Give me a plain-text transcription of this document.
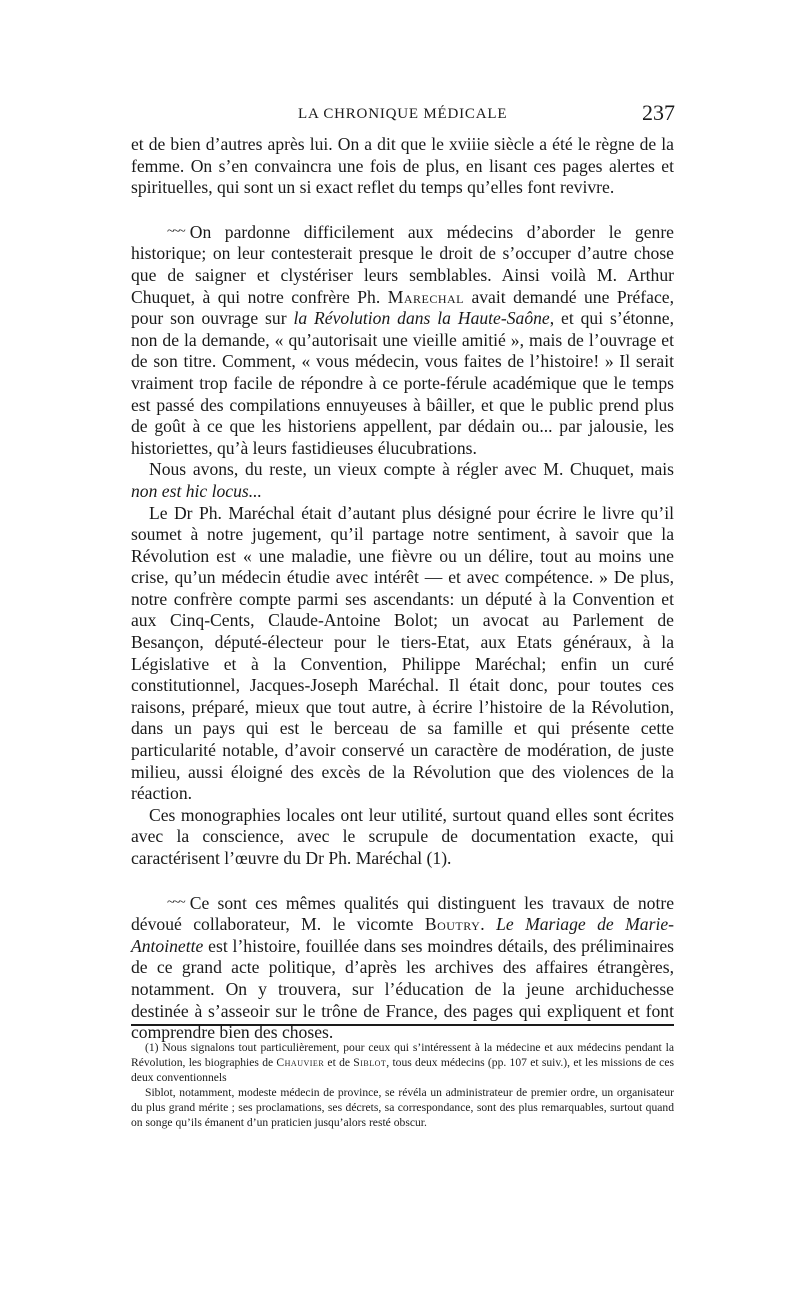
LA CHRONIQUE MÉDICALE	237

et de bien d’autres après lui. On a dit que le xviiie siècle a été le règne de la femme. On s’en convaincra une fois de plus, en lisant ces pages alertes et spirituelles, qui sont un si exact reflet du temps qu’elles font revivre.

~~~ On pardonne difficilement aux médecins d’aborder le genre historique; on leur contesterait presque le droit de s’occuper d’autre chose que de saigner et clystériser leurs semblables. Ainsi voilà M. Arthur Chuquet, à qui notre confrère Ph. Marechal avait demandé une Préface, pour son ouvrage sur la Révolution dans la Haute-Saône, et qui s’étonne, non de la demande, « qu’autorisait une vieille amitié », mais de l’ouvrage et de son titre. Comment, « vous médecin, vous faites de l’histoire! » Il serait vraiment trop facile de répondre à ce porte-férule académique que le temps est passé des compilations ennuyeuses à bâiller, et que le public prend plus de goût à ce que les historiens appellent, par dédain ou... par jalousie, les historiettes, qu’à leurs fastidieuses élucubrations.

Nous avons, du reste, un vieux compte à régler avec M. Chuquet, mais non est hic locus...

Le Dr Ph. Maréchal était d’autant plus désigné pour écrire le livre qu’il soumet à notre jugement, qu’il partage notre sentiment, à savoir que la Révolution est « une maladie, une fièvre ou un délire, tout au moins une crise, qu’un médecin étudie avec intérêt — et avec compétence. » De plus, notre confrère compte parmi ses ascendants: un député à la Convention et aux Cinq-Cents, Claude-Antoine Bolot; un avocat au Parlement de Besançon, député-électeur pour le tiers-Etat, aux Etats généraux, à la Législative et à la Convention, Philippe Maréchal; enfin un curé constitutionnel, Jacques-Joseph Maréchal. Il était donc, pour toutes ces raisons, préparé, mieux que tout autre, à écrire l’histoire de la Révolution, dans un pays qui est le berceau de sa famille et qui présente cette particularité notable, d’avoir conservé un caractère de modération, de juste milieu, aussi éloigné des excès de la Révolution que des violences de la réaction.

Ces monographies locales ont leur utilité, surtout quand elles sont écrites avec la conscience, avec le scrupule de documentation exacte, qui caractérisent l’œuvre du Dr Ph. Maréchal (1).

~~~ Ce sont ces mêmes qualités qui distinguent les travaux de notre dévoué collaborateur, M. le vicomte Boutry. Le Mariage de Marie-Antoinette est l’histoire, fouillée dans ses moindres détails, des préliminaires de ce grand acte politique, d’après les archives des affaires étrangères, notamment. On y trouvera, sur l’éducation de la jeune archiduchesse destinée à s’asseoir sur le trône de France, des pages qui expliquent et font comprendre bien des choses.

(1) Nous signalons tout particulièrement, pour ceux qui s’intéressent à la médecine et aux médecins pendant la Révolution, les biographies de Chauvier et de Siblot, tous deux médecins (pp. 107 et suiv.), et les missions de ces deux conventionnels

Siblot, notamment, modeste médecin de province, se révéla un administrateur de premier ordre, un organisateur du plus grand mérite ; ses proclamations, ses décrets, sa correspondance, sont des plus remarquables, surtout quand on songe qu’ils émanent d’un praticien jusqu’alors resté obscur.
